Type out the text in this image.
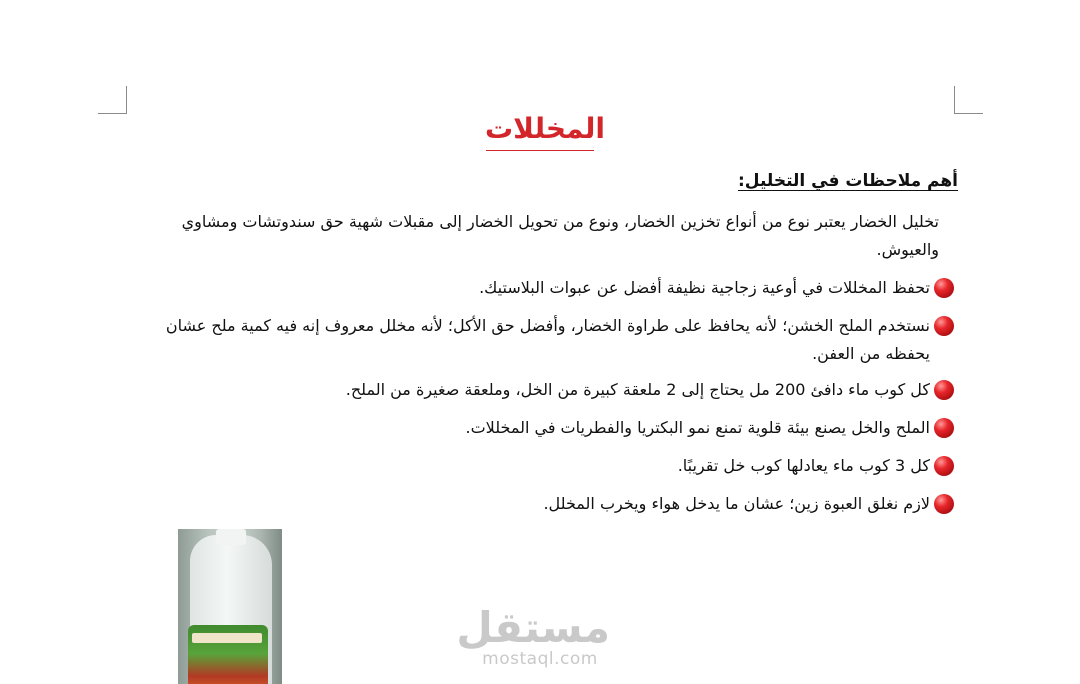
المخللات
أهم ملاحظات في التخليل:
تخليل الخضار يعتبر نوع من أنواع تخزين الخضار، ونوع من تحويل الخضار إلى مقبلات شهية حق سندوتشات ومشاوي والعيوش.
تحفظ المخللات في أوعية زجاجية نظيفة أفضل عن عبوات البلاستيك.
نستخدم الملح الخشن؛ لأنه يحافظ على طراوة الخضار، وأفضل حق الأكل؛ لأنه مخلل معروف إنه فيه كمية ملح عشان يحفظه من العفن.
كل كوب ماء دافئ 200 مل يحتاج إلى 2 ملعقة كبيرة من الخل، وملعقة صغيرة من الملح.
الملح والخل يصنع بيئة قلوية تمنع نمو البكتريا والفطريات في المخللات.
كل 3 كوب ماء يعادلها كوب خل تقريبًا.
لازم نغلق العبوة زين؛ عشان ما يدخل هواء ويخرب المخلل.
مستقل
mostaql.com
